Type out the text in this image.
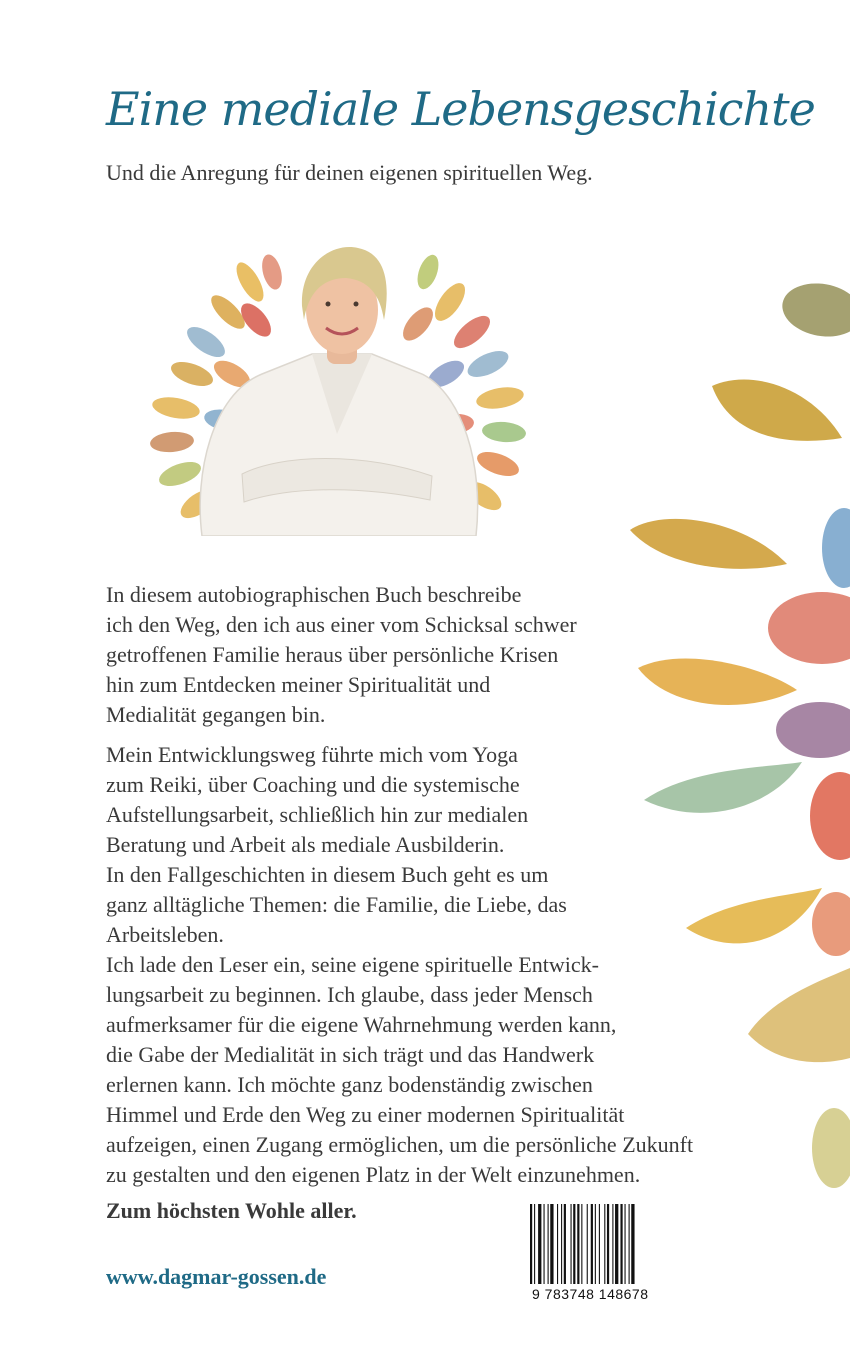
Eine mediale Lebensgeschichte
Und die Anregung für deinen eigenen spirituellen Weg.

In diesem autobiographischen Buch beschreibe

ich den Weg, den ich aus einer vom Schicksal schwer

getroffenen Familie heraus über persönliche Krisen

hin zum Entdecken meiner Spiritualität und

Medialität gegangen bin.

Mein Entwicklungsweg führte mich vom Yoga

zum Reiki, über Coaching und die systemische

Aufstellungsarbeit, schließlich hin zur medialen

Beratung und Arbeit als mediale Ausbilderin.

In den Fallgeschichten in diesem Buch geht es um

ganz alltägliche Themen: die Familie, die Liebe, das

Arbeitsleben.

Ich lade den Leser ein, seine eigene spirituelle Entwick-

lungsarbeit zu beginnen. Ich glaube, dass jeder Mensch

aufmerksamer für die eigene Wahrnehmung werden kann,

die Gabe der Medialität in sich trägt und das Handwerk

erlernen kann. Ich möchte ganz bodenständig zwischen

Himmel und Erde den Weg zu einer modernen Spiritualität

aufzeigen, einen Zugang ermöglichen, um die persönliche Zukunft

zu gestalten und den eigenen Platz in der Welt einzunehmen.

Zum höchsten Wohle aller.
www.dagmar-gossen.de
9 783748 148678
